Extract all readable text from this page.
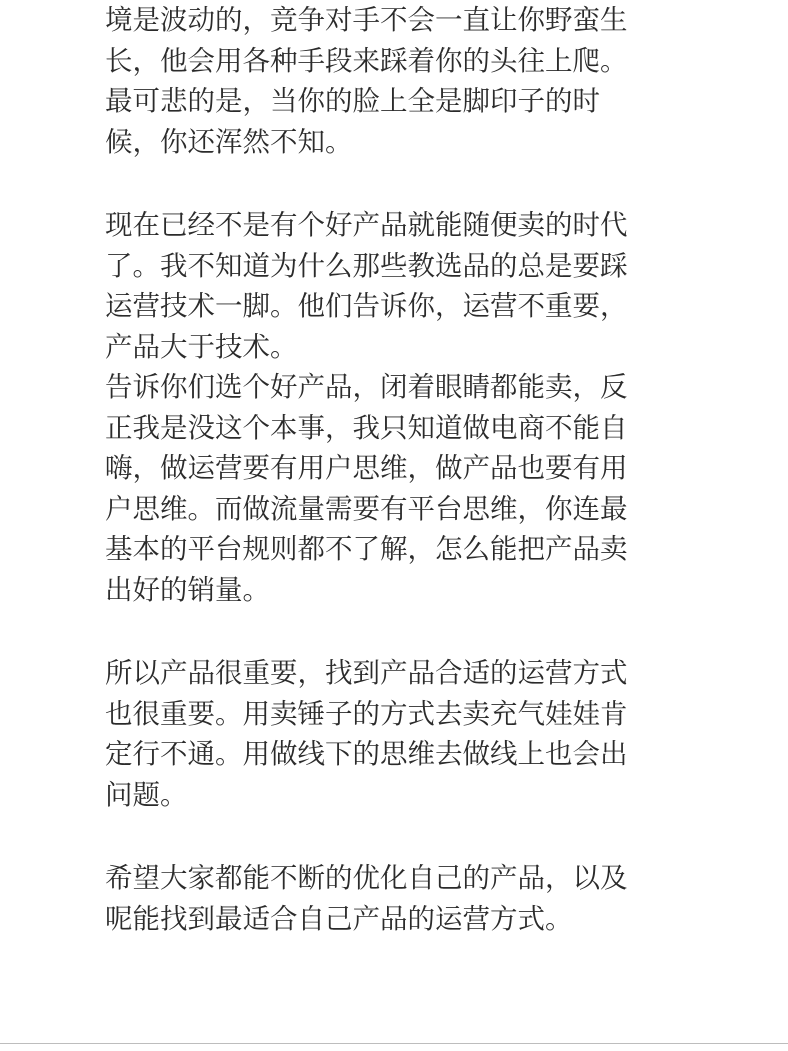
境是波动的，竞争对手不会一直让你野蛮生
长，他会用各种手段来踩着你的头往上爬。
最可悲的是，当你的脸上全是脚印子的时
候，你还浑然不知。
现在已经不是有个好产品就能随便卖的时代
了。我不知道为什么那些教选品的总是要踩
运营技术一脚。他们告诉你，运营不重要，
产品大于技术。
告诉你们选个好产品，闭着眼睛都能卖，反
正我是没这个本事，我只知道做电商不能自
嗨，做运营要有用户思维，做产品也要有用
户思维。而做流量需要有平台思维，你连最
基本的平台规则都不了解，怎么能把产品卖
出好的销量。
所以产品很重要，找到产品合适的运营方式
也很重要。用卖锤子的方式去卖充气娃娃肯
定行不通。用做线下的思维去做线上也会出
问题。
希望大家都能不断的优化自己的产品，以及
呢能找到最适合自己产品的运营方式。
